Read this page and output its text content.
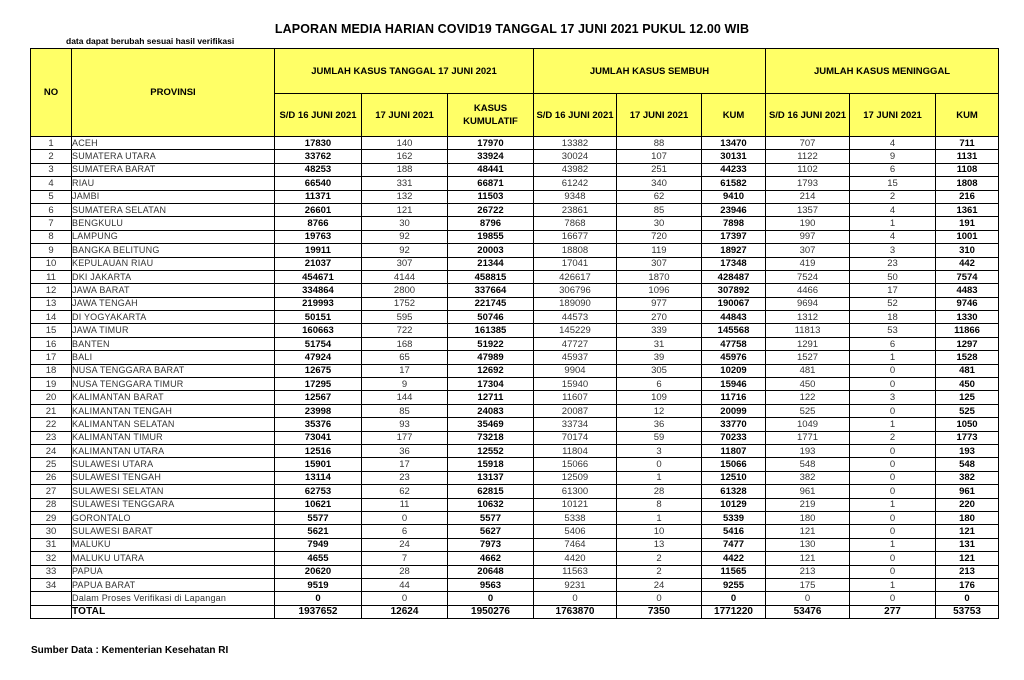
LAPORAN MEDIA HARIAN COVID19 TANGGAL 17 JUNI 2021 PUKUL 12.00 WIB
data dapat berubah sesuai hasil verifikasi
NO	PROVINSI	JUMLAH KASUS TANGGAL 17 JUNI 2021			JUMLAH KASUS SEMBUH			JUMLAH KASUS MENINGGAL		
		S/D 16 JUNI 2021	17 JUNI 2021	KASUS KUMULATIF	S/D 16 JUNI 2021	17 JUNI 2021	KUM	S/D 16 JUNI 2021	17 JUNI 2021	KUM
1	ACEH	17830	140	17970	13382	88	13470	707	4	711
2	SUMATERA UTARA	33762	162	33924	30024	107	30131	1122	9	1131
3	SUMATERA BARAT	48253	188	48441	43982	251	44233	1102	6	1108
4	RIAU	66540	331	66871	61242	340	61582	1793	15	1808
5	JAMBI	11371	132	11503	9348	62	9410	214	2	216
6	SUMATERA SELATAN	26601	121	26722	23861	85	23946	1357	4	1361
7	BENGKULU	8766	30	8796	7868	30	7898	190	1	191
8	LAMPUNG	19763	92	19855	16677	720	17397	997	4	1001
9	BANGKA BELITUNG	19911	92	20003	18808	119	18927	307	3	310
10	KEPULAUAN RIAU	21037	307	21344	17041	307	17348	419	23	442
11	DKI JAKARTA	454671	4144	458815	426617	1870	428487	7524	50	7574
12	JAWA BARAT	334864	2800	337664	306796	1096	307892	4466	17	4483
13	JAWA TENGAH	219993	1752	221745	189090	977	190067	9694	52	9746
14	DI YOGYAKARTA	50151	595	50746	44573	270	44843	1312	18	1330
15	JAWA TIMUR	160663	722	161385	145229	339	145568	11813	53	11866
16	BANTEN	51754	168	51922	47727	31	47758	1291	6	1297
17	BALI	47924	65	47989	45937	39	45976	1527	1	1528
18	NUSA TENGGARA BARAT	12675	17	12692	9904	305	10209	481	0	481
19	NUSA TENGGARA TIMUR	17295	9	17304	15940	6	15946	450	0	450
20	KALIMANTAN BARAT	12567	144	12711	11607	109	11716	122	3	125
21	KALIMANTAN TENGAH	23998	85	24083	20087	12	20099	525	0	525
22	KALIMANTAN SELATAN	35376	93	35469	33734	36	33770	1049	1	1050
23	KALIMANTAN TIMUR	73041	177	73218	70174	59	70233	1771	2	1773
24	KALIMANTAN UTARA	12516	36	12552	11804	3	11807	193	0	193
25	SULAWESI UTARA	15901	17	15918	15066	0	15066	548	0	548
26	SULAWESI TENGAH	13114	23	13137	12509	1	12510	382	0	382
27	SULAWESI SELATAN	62753	62	62815	61300	28	61328	961	0	961
28	SULAWESI TENGGARA	10621	11	10632	10121	8	10129	219	1	220
29	GORONTALO	5577	0	5577	5338	1	5339	180	0	180
30	SULAWESI BARAT	5621	6	5627	5406	10	5416	121	0	121
31	MALUKU	7949	24	7973	7464	13	7477	130	1	131
32	MALUKU UTARA	4655	7	4662	4420	2	4422	121	0	121
33	PAPUA	20620	28	20648	11563	2	11565	213	0	213
34	PAPUA BARAT	9519	44	9563	9231	24	9255	175	1	176
	Dalam Proses Verifikasi di Lapangan	0	0	0	0	0	0	0	0	0
	TOTAL	1937652	12624	1950276	1763870	7350	1771220	53476	277	53753
Sumber Data : Kementerian Kesehatan RI
